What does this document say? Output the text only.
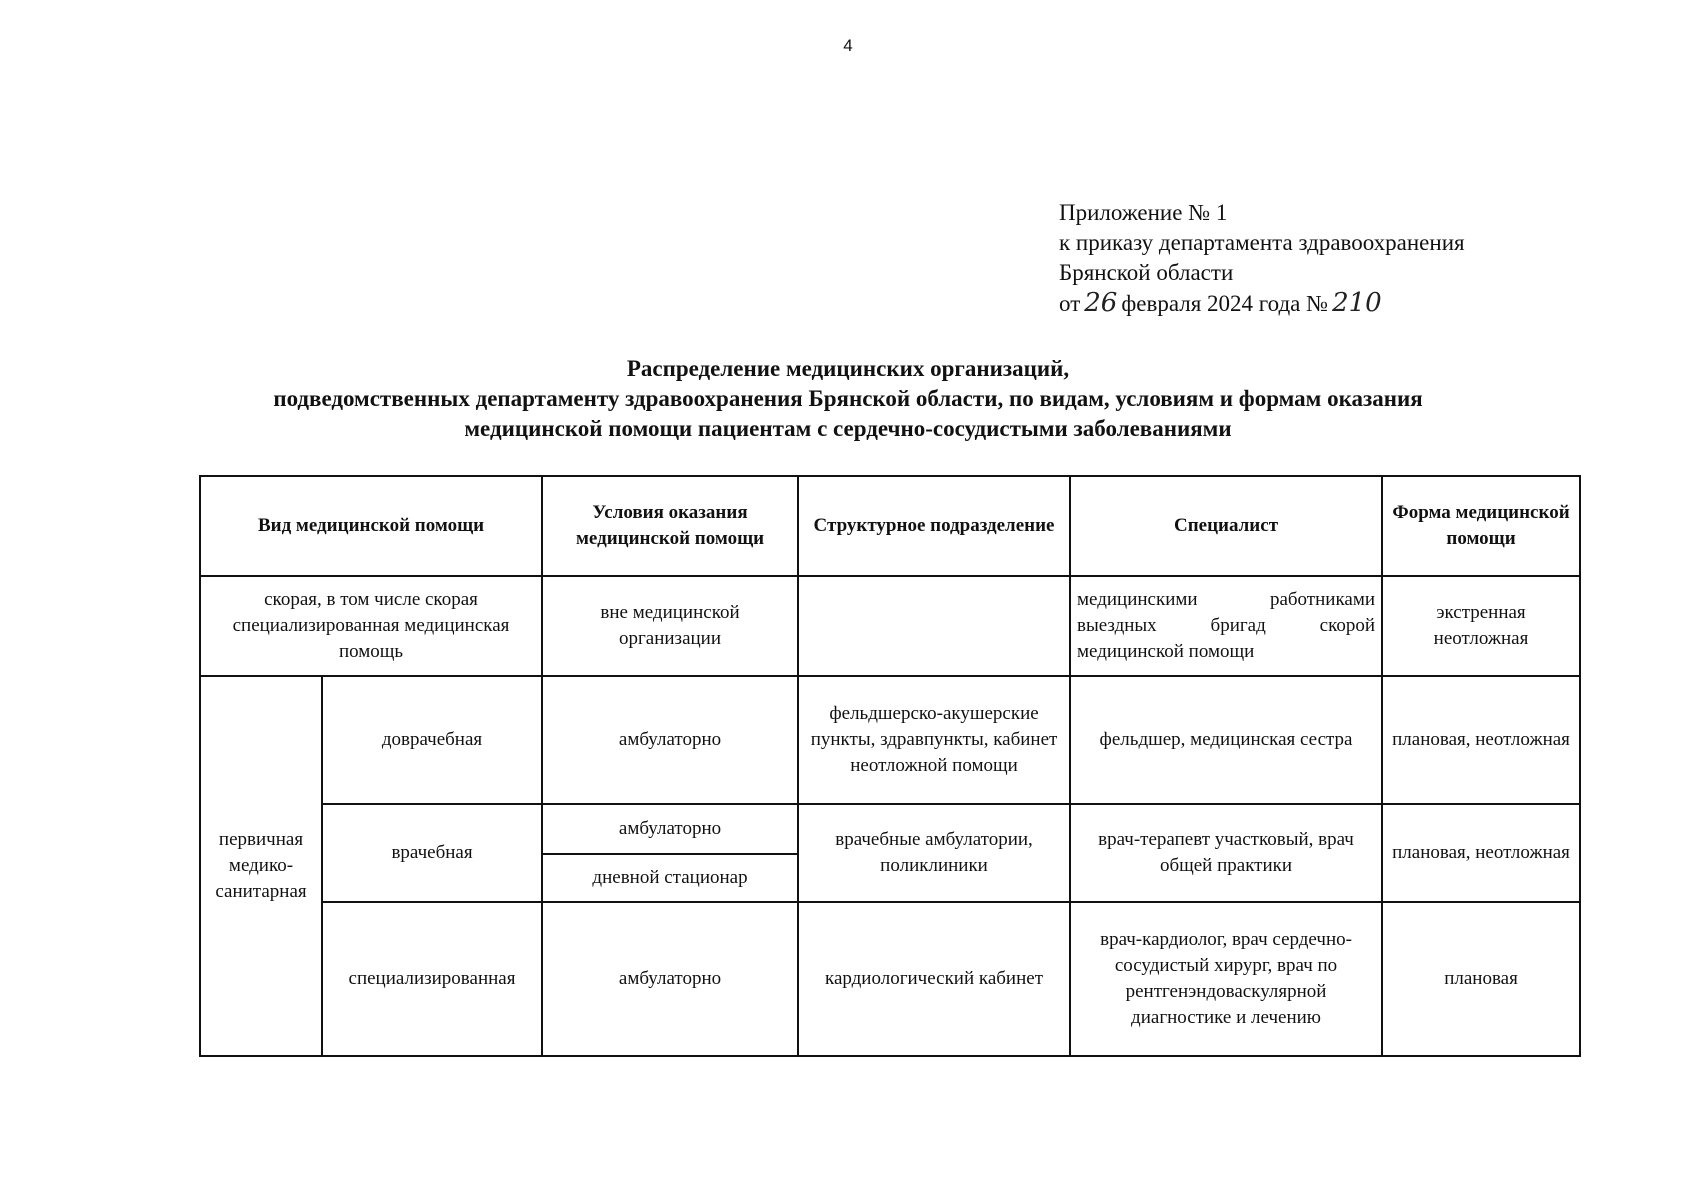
4
Приложение № 1
к приказу департамента здравоохранения
Брянской области
от 26 февраля 2024 года № 210
Распределение медицинских организаций,
подведомственных департаменту здравоохранения Брянской области, по видам, условиям и формам оказания
медицинской помощи пациентам с сердечно-сосудистыми заболеваниями
Вид медицинской помощи		Условия оказания медицинской помощи	Структурное подразделение	Специалист	Форма медицинской помощи
скорая, в том числе скорая специализированная медицинская помощь		вне медицинской организации		медицинскими работниками выездных бригад скорой медицинской помощи	экстренная неотложная
первичная медико-санитарная	доврачебная	амбулаторно	фельдшерско-акушерские пункты, здравпункты, кабинет неотложной помощи	фельдшер, медицинская сестра	плановая, неотложная
	врачебная	амбулаторно	врачебные амбулатории, поликлиники	врач-терапевт участковый, врач общей практики	плановая, неотложная
		дневной стационар			
	специализированная	амбулаторно	кардиологический кабинет	врач-кардиолог, врач сердечно-сосудистый хирург, врач по рентгенэндоваскулярной диагностике и лечению	плановая
